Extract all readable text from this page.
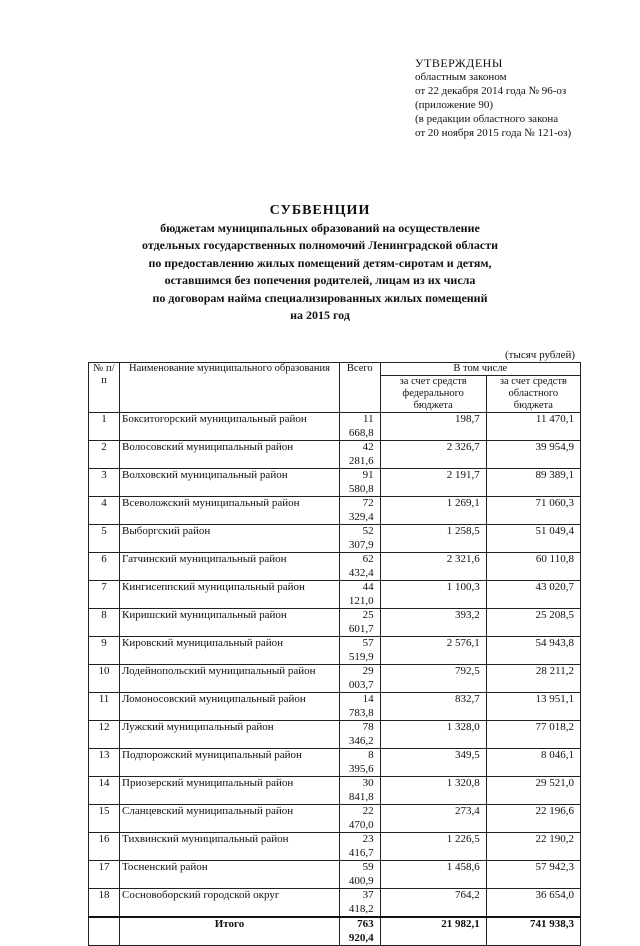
УТВЕРЖДЕНЫ
областным законом
от 22 декабря 2014 года № 96-оз
(приложение 90)
(в редакции областного закона
от 20 ноября 2015 года № 121-оз)
СУБВЕНЦИИ
бюджетам муниципальных образований на осуществление
отдельных государственных полномочий Ленинградской области
по предоставлению жилых помещений детям-сиротам и детям,
оставшимся без попечения родителей, лицам из их числа
по договорам найма специализированных жилых помещений
на 2015 год
(тысяч рублей)
№ п/п	Наименование муниципального образования	Всего	В том числе	
			за счет средств федерального бюджета	за счет средств областного бюджета
1	Бокситогорский муниципальный район	11 668,8	198,7	11 470,1
2	Волосовский муниципальный район	42 281,6	2 326,7	39 954,9
3	Волховский муниципальный район	91 580,8	2 191,7	89 389,1
4	Всеволожский муниципальный район	72 329,4	1 269,1	71 060,3
5	Выборгский район	52 307,9	1 258,5	51 049,4
6	Гатчинский муниципальный район	62 432,4	2 321,6	60 110,8
7	Кингисеппский муниципальный район	44 121,0	1 100,3	43 020,7
8	Киришский муниципальный район	25 601,7	393,2	25 208,5
9	Кировский муниципальный район	57 519,9	2 576,1	54 943,8
10	Лодейнопольский муниципальный район	29 003,7	792,5	28 211,2
11	Ломоносовский муниципальный район	14 783,8	832,7	13 951,1
12	Лужский муниципальный район	78 346,2	1 328,0	77 018,2
13	Подпорожский муниципальный район	8 395,6	349,5	8 046,1
14	Приозерский муниципальный район	30 841,8	1 320,8	29 521,0
15	Сланцевский муниципальный район	22 470,0	273,4	22 196,6
16	Тихвинский муниципальный район	23 416,7	1 226,5	22 190,2
17	Тосненский район	59 400,9	1 458,6	57 942,3
18	Сосновоборский городской округ	37 418,2	764,2	36 654,0
	Итого	763 920,4	21 982,1	741 938,3
